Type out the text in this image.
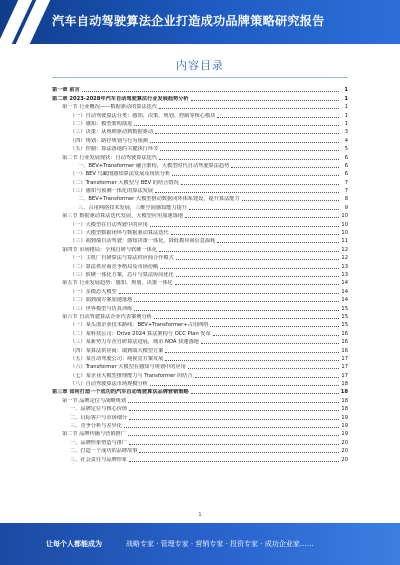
汽车自动驾驶算法企业打造成功品牌策略研究报告
内容目录
第一章 前言	1
第二章 2023-2028年汽车自动驾驶算法行业发展趋势分析	1
第一节 行业概况——数据驱动的算法迭代	1
（一）自动驾驶算法分类：感知、决策、规划、控制等核心模块	1
（二）感知：模型架构演进	1
（三）决策：从规则驱动到数据驱动	3
（四）规划：路径规划与行为预测	4
（五）控制：算法落地的关键执行环节	5
第二节 行业发展现状：自动驾驶算法迭代	6
一、BEV+Transformer 融合架构，大模型时代自动驾驶算法趋势	6
（一）BEV 鸟瞰图感知算法发展及现状分析	6
（二）Transformer 大模型与 BEV 的结合情况	7
（三）感知与预测一体化的算法发展	7
二、BEV+Transformer 大模型推动数据闭环体系建设，提升算法能力	8
三、占用网络技术发展，三维空间感知能力提升	9
第三节 数据驱动算法迭代发展，大模型应用加速落地	10
（一）大模型在自动驾驶中的应用	10
（二）大模型数据闭环与数据驱动算法迭代	10
（三）端到端自动驾驶：感知决策一体化，降低模块间信息损耗	11
第四节 市场格局：全栈自研与软硬一体化	12
（一）主机厂自研算法与算法供应商合作模式	12
（二）算法供应商竞争格局及市场份额	13
（三）软硬一体化方案，芯片与算法协同优化	13
第五节 行业发展趋势：感知、规划、决策一体化	14
（一）多模态大模型	14
（二）端到端方案加速落地	14
（三）世界模型与仿真训练	15
第六节 自动驾驶算法企业代表案例分析	15
（一）某头部企业技术路线：BEV+Transformer+占用网络	15
（二）某科技公司：Drive 2024 算法架构与 OCC Plan 发布	16
（三）某新势力车企自研算法进展，城市 NOA 快速落地	16
（四）某算法供应商：端到端大模型方案	16
（五）某自动驾驶公司：纯视觉方案发展	17
（六）Transformer 大模型在感知与规划中的应用	17
（七）某企业大模型推理能力与 Transformer 的结合	17
（八）自动驾驶算法市场规模分析	18
第三章 如何打造一个成功的汽车自动驾驶算法品牌营销策略	18
第一节 品牌定位与战略规划	18
一、品牌定位与核心价值	18
二、目标客户与市场细分	19
三、竞争分析与差异化	19
第二节 品牌传播与营销推广	19
一、品牌形象塑造与推广	20
二、打造一个成功的品牌故事	20
三、社会责任与品牌形象	20
1
让每个人都能成为	战略专家 · 管理专家 · 营销专家 · 投资专家 · 成功企业家……
